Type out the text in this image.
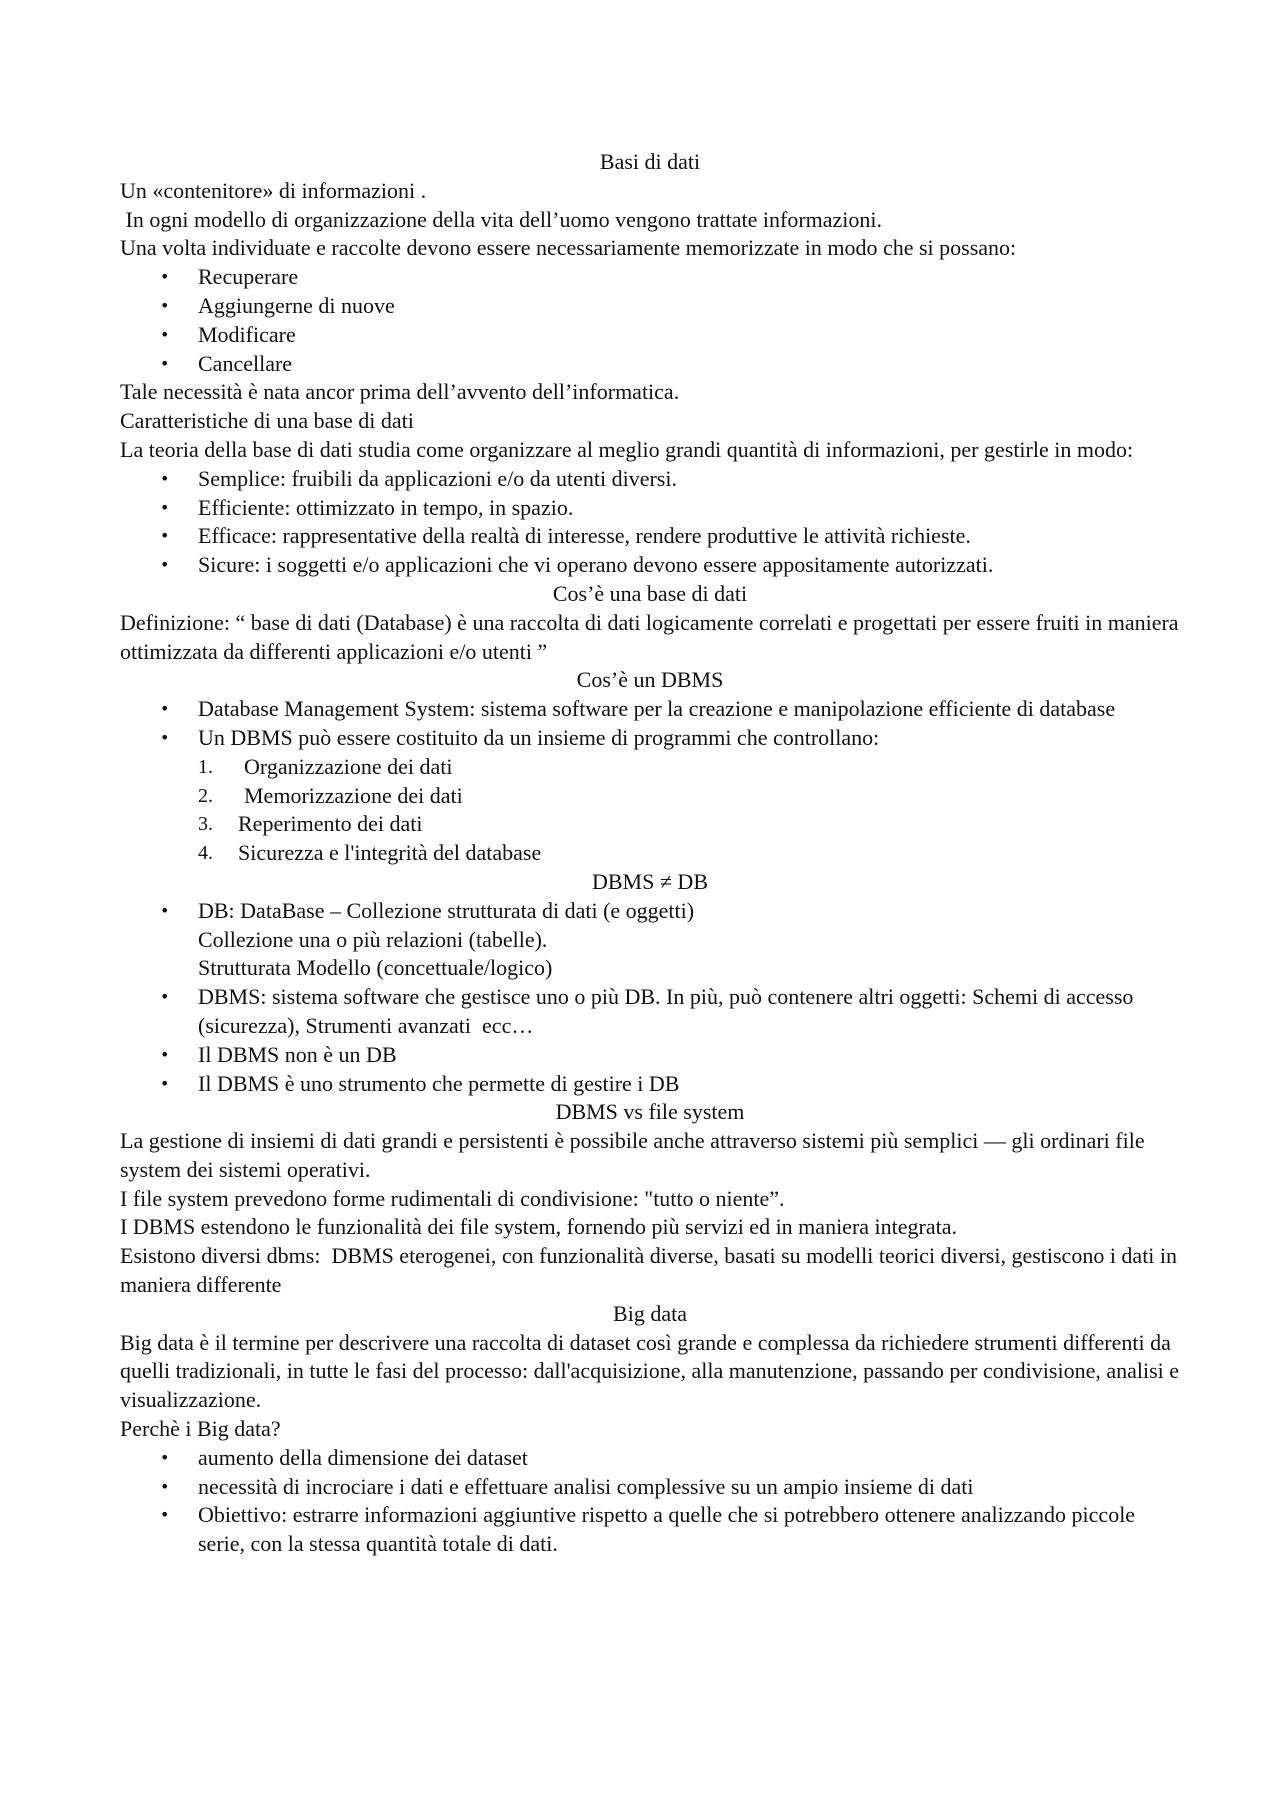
Basi di dati

Un «contenitore» di informazioni .

In ogni modello di organizzazione della vita dell’uomo vengono trattate informazioni.

Una volta individuate e raccolte devono essere necessariamente memorizzate in modo che si possano:

• Recuperare
• Aggiungerne di nuove
• Modificare
• Cancellare

Tale necessità è nata ancor prima dell’avvento dell’informatica.

Caratteristiche di una base di dati

La teoria della base di dati studia come organizzare al meglio grandi quantità di informazioni, per gestirle in modo:

• Semplice: fruibili da applicazioni e/o da utenti diversi.
• Efficiente: ottimizzato in tempo, in spazio.
• Efficace: rappresentative della realtà di interesse, rendere produttive le attività richieste.
• Sicure: i soggetti e/o applicazioni che vi operano devono essere appositamente autorizzati.

Cos’è una base di dati

Definizione: “ base di dati (Database) è una raccolta di dati logicamente correlati e progettati per essere fruiti in maniera ottimizzata da differenti applicazioni e/o utenti ”

Cos’è un DBMS

• Database Management System: sistema software per la creazione e manipolazione efficiente di database
• Un DBMS può essere costituito da un insieme di programmi che controllano:
1. Organizzazione dei dati
2. Memorizzazione dei dati
3. Reperimento dei dati
4. Sicurezza e l'integrità del database

DBMS ≠ DB

• DB: DataBase – Collezione strutturata di dati (e oggetti)
Collezione una o più relazioni (tabelle).
Strutturata Modello (concettuale/logico)
• DBMS: sistema software che gestisce uno o più DB. In più, può contenere altri oggetti: Schemi di accesso (sicurezza), Strumenti avanzati  ecc…
• Il DBMS non è un DB
• Il DBMS è uno strumento che permette di gestire i DB

DBMS vs file system

La gestione di insiemi di dati grandi e persistenti è possibile anche attraverso sistemi più semplici — gli ordinari file system dei sistemi operativi.

I file system prevedono forme rudimentali di condivisione: "tutto o niente”.

I DBMS estendono le funzionalità dei file system, fornendo più servizi ed in maniera integrata.

Esistono diversi dbms:  DBMS eterogenei, con funzionalità diverse, basati su modelli teorici diversi, gestiscono i dati in maniera differente

Big data

Big data è il termine per descrivere una raccolta di dataset così grande e complessa da richiedere strumenti differenti da quelli tradizionali, in tutte le fasi del processo: dall'acquisizione, alla manutenzione, passando per condivisione, analisi e visualizzazione.

Perchè i Big data?

• aumento della dimensione dei dataset
• necessità di incrociare i dati e effettuare analisi complessive su un ampio insieme di dati
• Obiettivo: estrarre informazioni aggiuntive rispetto a quelle che si potrebbero ottenere analizzando piccole serie, con la stessa quantità totale di dati.
